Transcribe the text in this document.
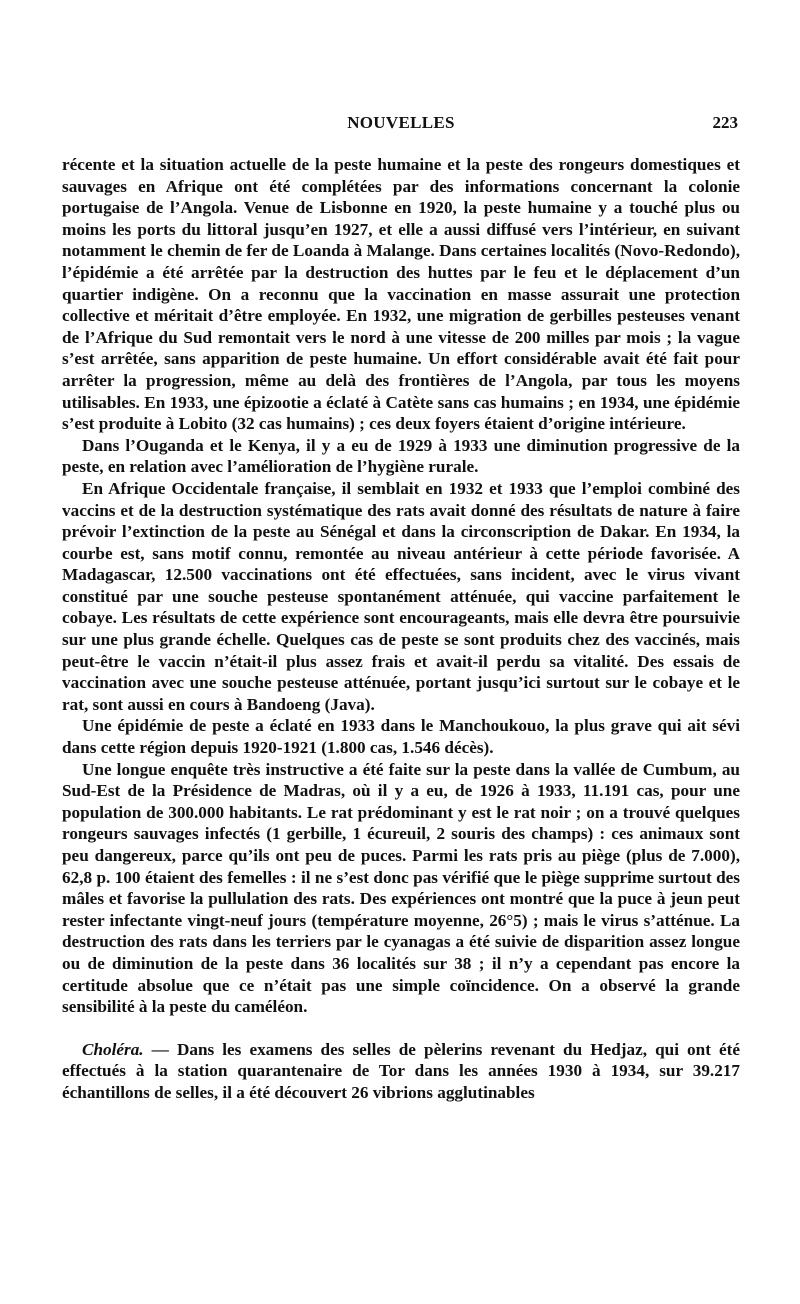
NOUVELLES	223

récente et la situation actuelle de la peste humaine et la peste des rongeurs domestiques et sauvages en Afrique ont été complétées par des informations concernant la colonie portugaise de l’Angola. Venue de Lisbonne en 1920, la peste humaine y a touché plus ou moins les ports du littoral jusqu’en 1927, et elle a aussi diffusé vers l’intérieur, en suivant notamment le chemin de fer de Loanda à Malange. Dans certaines localités (Novo-Redondo), l’épidémie a été arrêtée par la destruction des huttes par le feu et le déplacement d’un quartier indigène. On a reconnu que la vaccination en masse assurait une protection collective et méritait d’être employée. En 1932, une migration de gerbilles pesteuses venant de l’Afrique du Sud remontait vers le nord à une vitesse de 200 milles par mois ; la vague s’est arrêtée, sans apparition de peste humaine. Un effort considérable avait été fait pour arrêter la progression, même au delà des frontières de l’Angola, par tous les moyens utilisables. En 1933, une épizootie a éclaté à Catète sans cas humains ; en 1934, une épidémie s’est produite à Lobito (32 cas humains) ; ces deux foyers étaient d’origine intérieure.

Dans l’Ouganda et le Kenya, il y a eu de 1929 à 1933 une diminution progressive de la peste, en relation avec l’amélioration de l’hygiène rurale.

En Afrique Occidentale française, il semblait en 1932 et 1933 que l’emploi combiné des vaccins et de la destruction systématique des rats avait donné des résultats de nature à faire prévoir l’extinction de la peste au Sénégal et dans la circonscription de Dakar. En 1934, la courbe est, sans motif connu, remontée au niveau antérieur à cette période favorisée. A Madagascar, 12.500 vaccinations ont été effectuées, sans incident, avec le virus vivant constitué par une souche pesteuse spontanément atténuée, qui vaccine parfaitement le cobaye. Les résultats de cette expérience sont encourageants, mais elle devra être poursuivie sur une plus grande échelle. Quelques cas de peste se sont produits chez des vaccinés, mais peut-être le vaccin n’était-il plus assez frais et avait-il perdu sa vitalité. Des essais de vaccination avec une souche pesteuse atténuée, portant jusqu’ici surtout sur le cobaye et le rat, sont aussi en cours à Bandoeng (Java).

Une épidémie de peste a éclaté en 1933 dans le Manchoukouo, la plus grave qui ait sévi dans cette région depuis 1920-1921 (1.800 cas, 1.546 décès).

Une longue enquête très instructive a été faite sur la peste dans la vallée de Cumbum, au Sud-Est de la Présidence de Madras, où il y a eu, de 1926 à 1933, 11.191 cas, pour une population de 300.000 habitants. Le rat prédominant y est le rat noir ; on a trouvé quelques rongeurs sauvages infectés (1 gerbille, 1 écureuil, 2 souris des champs) : ces animaux sont peu dangereux, parce qu’ils ont peu de puces. Parmi les rats pris au piège (plus de 7.000), 62,8 p. 100 étaient des femelles : il ne s’est donc pas vérifié que le piège supprime surtout des mâles et favorise la pullulation des rats. Des expériences ont montré que la puce à jeun peut rester infectante vingt-neuf jours (température moyenne, 26°5) ; mais le virus s’atténue. La destruction des rats dans les terriers par le cyanagas a été suivie de disparition assez longue ou de diminution de la peste dans 36 localités sur 38 ; il n’y a cependant pas encore la certitude absolue que ce n’était pas une simple coïncidence. On a observé la grande sensibilité à la peste du caméléon.

Choléra. — Dans les examens des selles de pèlerins revenant du Hedjaz, qui ont été effectués à la station quarantenaire de Tor dans les années 1930 à 1934, sur 39.217 échantillons de selles, il a été découvert 26 vibrions agglutinables
